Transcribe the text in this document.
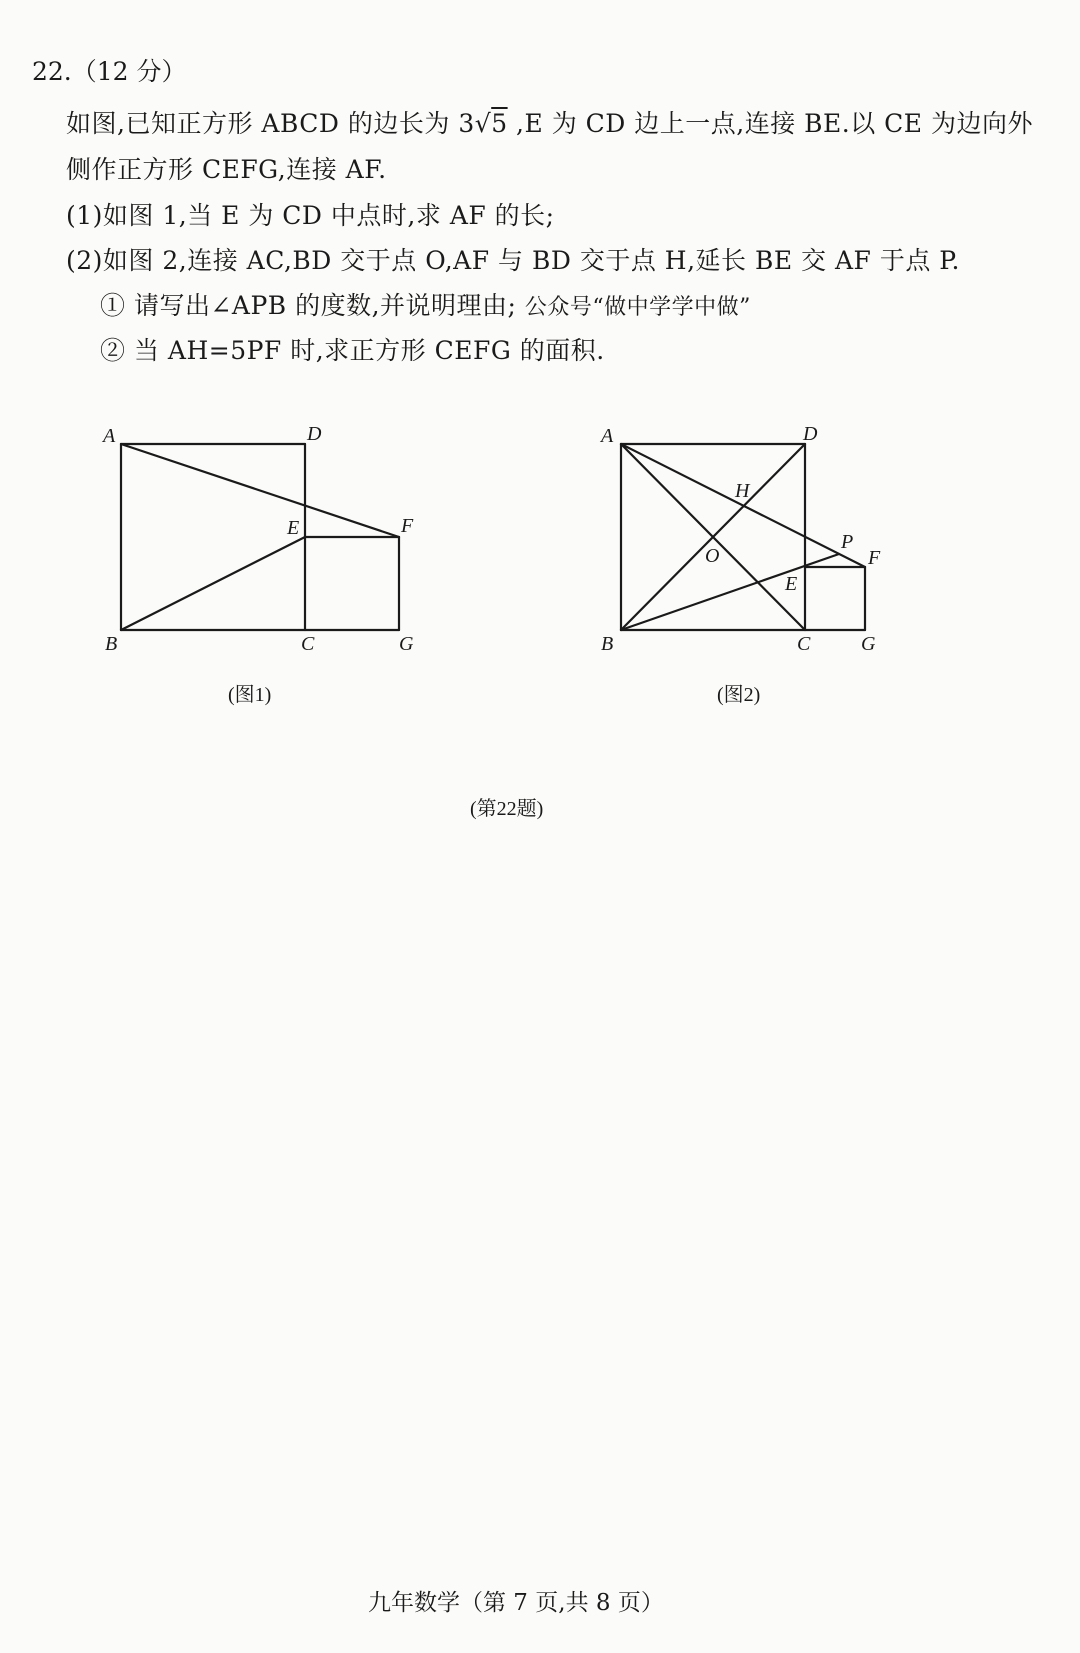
22.（12 分）
如图,已知正方形 ABCD 的边长为 3√5 ,E 为 CD 边上一点,连接 BE.以 CE 为边向外
侧作正方形 CEFG,连接 AF.
(1)如图 1,当 E 为 CD 中点时,求 AF 的长;
(2)如图 2,连接 AC,BD 交于点 O,AF 与 BD 交于点 H,延长 BE 交 AF 于点 P.
① 请写出∠APB 的度数,并说明理由; 公众号“做中学学中做”
② 当 AH=5PF 时,求正方形 CEFG 的面积.
A	D
E	F
B	C	G
(图1)
A	D
H
O
P
F
E
B	C	G
(图2)
(第22题)
九年数学（第 7 页,共 8 页）
